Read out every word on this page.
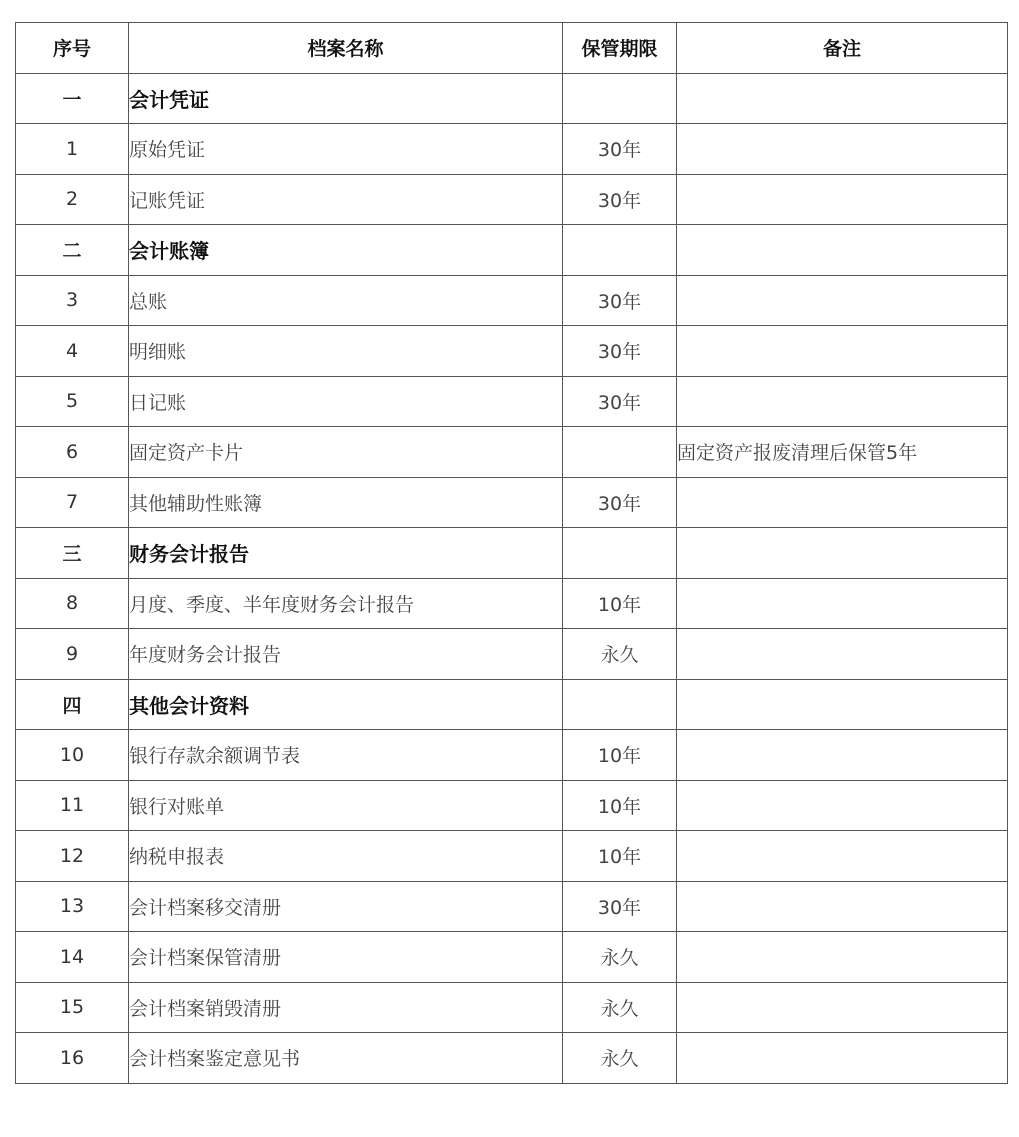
序号	档案名称	保管期限	备注
一	会计凭证		
1	原始凭证	30年	
2	记账凭证	30年	
二	会计账簿		
3	总账	30年	
4	明细账	30年	
5	日记账	30年	
6	固定资产卡片		固定资产报废清理后保管5年
7	其他辅助性账簿	30年	
三	财务会计报告		
8	月度、季度、半年度财务会计报告	10年	
9	年度财务会计报告	永久	
四	其他会计资料		
10	银行存款余额调节表	10年	
11	银行对账单	10年	
12	纳税申报表	10年	
13	会计档案移交清册	30年	
14	会计档案保管清册	永久	
15	会计档案销毁清册	永久	
16	会计档案鉴定意见书	永久	
